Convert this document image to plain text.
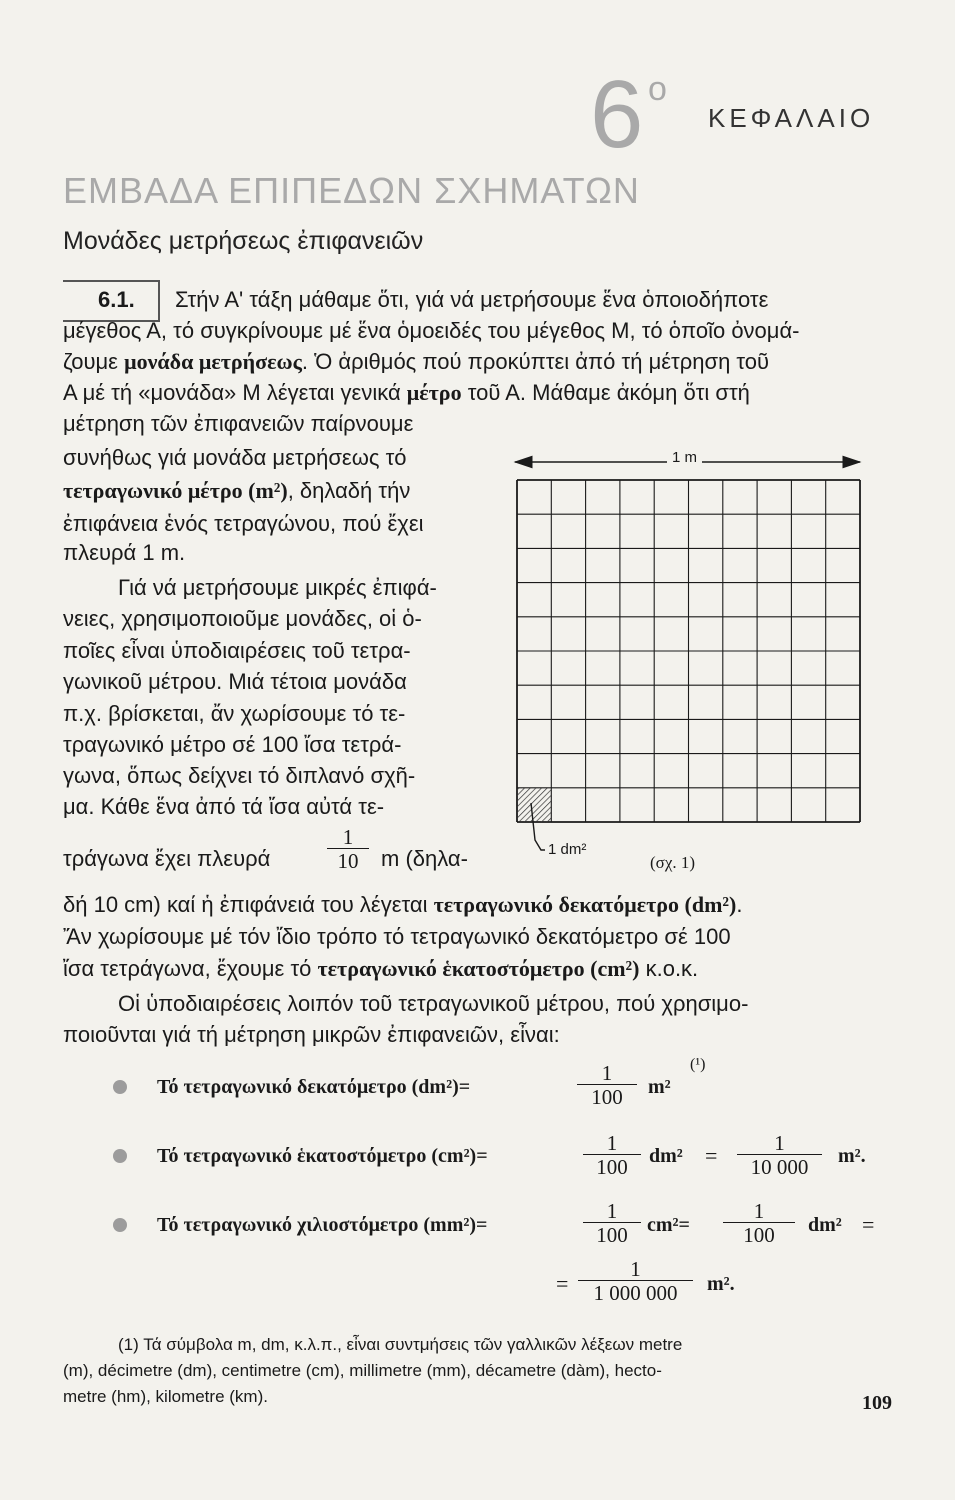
6 o
ΚΕΦΑΛΑΙΟ
ΕΜΒΑΔΑ ΕΠΙΠΕΔΩΝ ΣΧΗΜΑΤΩΝ
Μονάδες μετρήσεως ἐπιφανειῶν
6.1. Στήν Α' τάξη μάθαμε ὅτι, γιά νά μετρήσουμε ἕνα ὁποιοδήποτε
μέγεθος Α, τό συγκρίνουμε μέ ἕνα ὁμοειδές του μέγεθος Μ, τό ὁποῖο ὀνομά-
ζουμε μονάδα μετρήσεως. Ὁ ἀριθμός πού προκύπτει ἀπό τή μέτρηση τοῦ
Α μέ τή «μονάδα» Μ λέγεται γενικά μέτρο τοῦ Α. Μάθαμε ἀκόμη ὅτι στή
μέτρηση τῶν ἐπιφανειῶν παίρνουμε
συνήθως γιά μονάδα μετρήσεως τό
τετραγωνικό μέτρο (m²), δηλαδή τήν
ἐπιφάνεια ἑνός τετραγώνου, πού ἔχει
πλευρά 1 m.
Γιά νά μετρήσουμε μικρές ἐπιφά-
νειες, χρησιμοποιοῦμε μονάδες, οἱ ὁ-
ποῖες εἶναι ὑποδιαιρέσεις τοῦ τετρα-
γωνικοῦ μέτρου. Μιά τέτοια μονάδα
π.χ. βρίσκεται, ἄν χωρίσουμε τό τε-
τραγωνικό μέτρο σέ 100 ἴσα τετρά-
γωνα, ὅπως δείχνει τό διπλανό σχῆ-
μα. Κάθε ἕνα ἀπό τά ἴσα αὐτά τε-
τράγωνα ἔχει πλευρά
1
10	m (δηλα-
δή 10 cm) καί ἡ ἐπιφάνειά του λέγεται τετραγωνικό δεκατόμετρο (dm²).
Ἄν χωρίσουμε μέ τόν ἴδιο τρόπο τό τετραγωνικό δεκατόμετρο σέ 100
ἴσα τετράγωνα, ἔχουμε τό τετραγωνικό ἑκατοστόμετρο (cm²) κ.ο.κ.
Οἱ ὑποδιαιρέσεις λοιπόν τοῦ τετραγωνικοῦ μέτρου, πού χρησιμο-
ποιοῦνται γιά τή μέτρηση μικρῶν ἐπιφανειῶν, εἶναι:
1 m
1 dm²
(σχ. 1)
Τό τετραγωνικό δεκατόμετρο (dm²)=
1
100	m²
(¹)
Τό τετραγωνικό ἑκατοστόμετρο (cm²)=
1
100	dm² =	1
10 000	m².
Τό τετραγωνικό χιλιοστόμετρο (mm²)=
1
100 cm²=
1
100	dm² =
=
1
1 000 000	m².
(1) Τά σύμβολα m, dm, κ.λ.π., εἶναι συντμήσεις τῶν γαλλικῶν λέξεων metre
(m), décimetre (dm), centimetre (cm), millimetre (mm), décametre (dàm), hecto-
metre (hm), kilometre (km).	109
